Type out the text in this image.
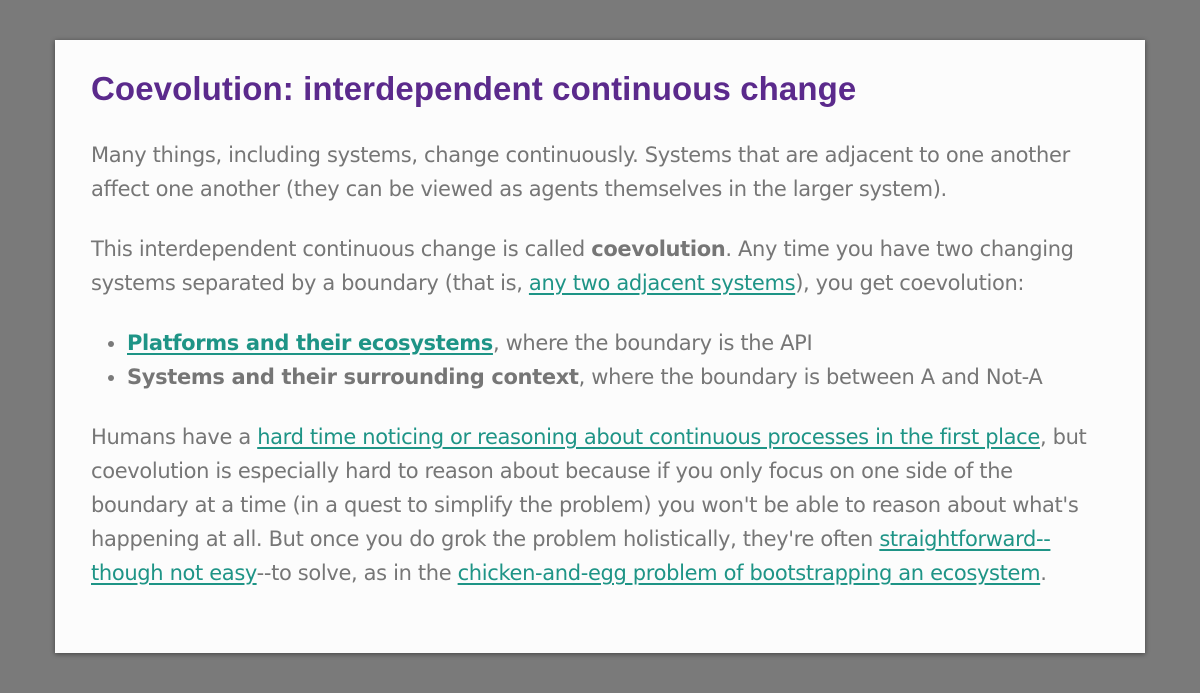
Coevolution: interdependent continuous change

Many things, including systems, change continuously. Systems that are adjacent to one another affect one another (they can be viewed as agents themselves in the larger system).

This interdependent continuous change is called coevolution. Any time you have two changing systems separated by a boundary (that is, any two adjacent systems), you get coevolution:

• Platforms and their ecosystems, where the boundary is the API
• Systems and their surrounding context, where the boundary is between A and Not-A

Humans have a hard time noticing or reasoning about continuous processes in the first place, but coevolution is especially hard to reason about because if you only focus on one side of the boundary at a time (in a quest to simplify the problem) you won't be able to reason about what's happening at all. But once you do grok the problem holistically, they're often straightforward--though not easy--to solve, as in the chicken-and-egg problem of bootstrapping an ecosystem.
